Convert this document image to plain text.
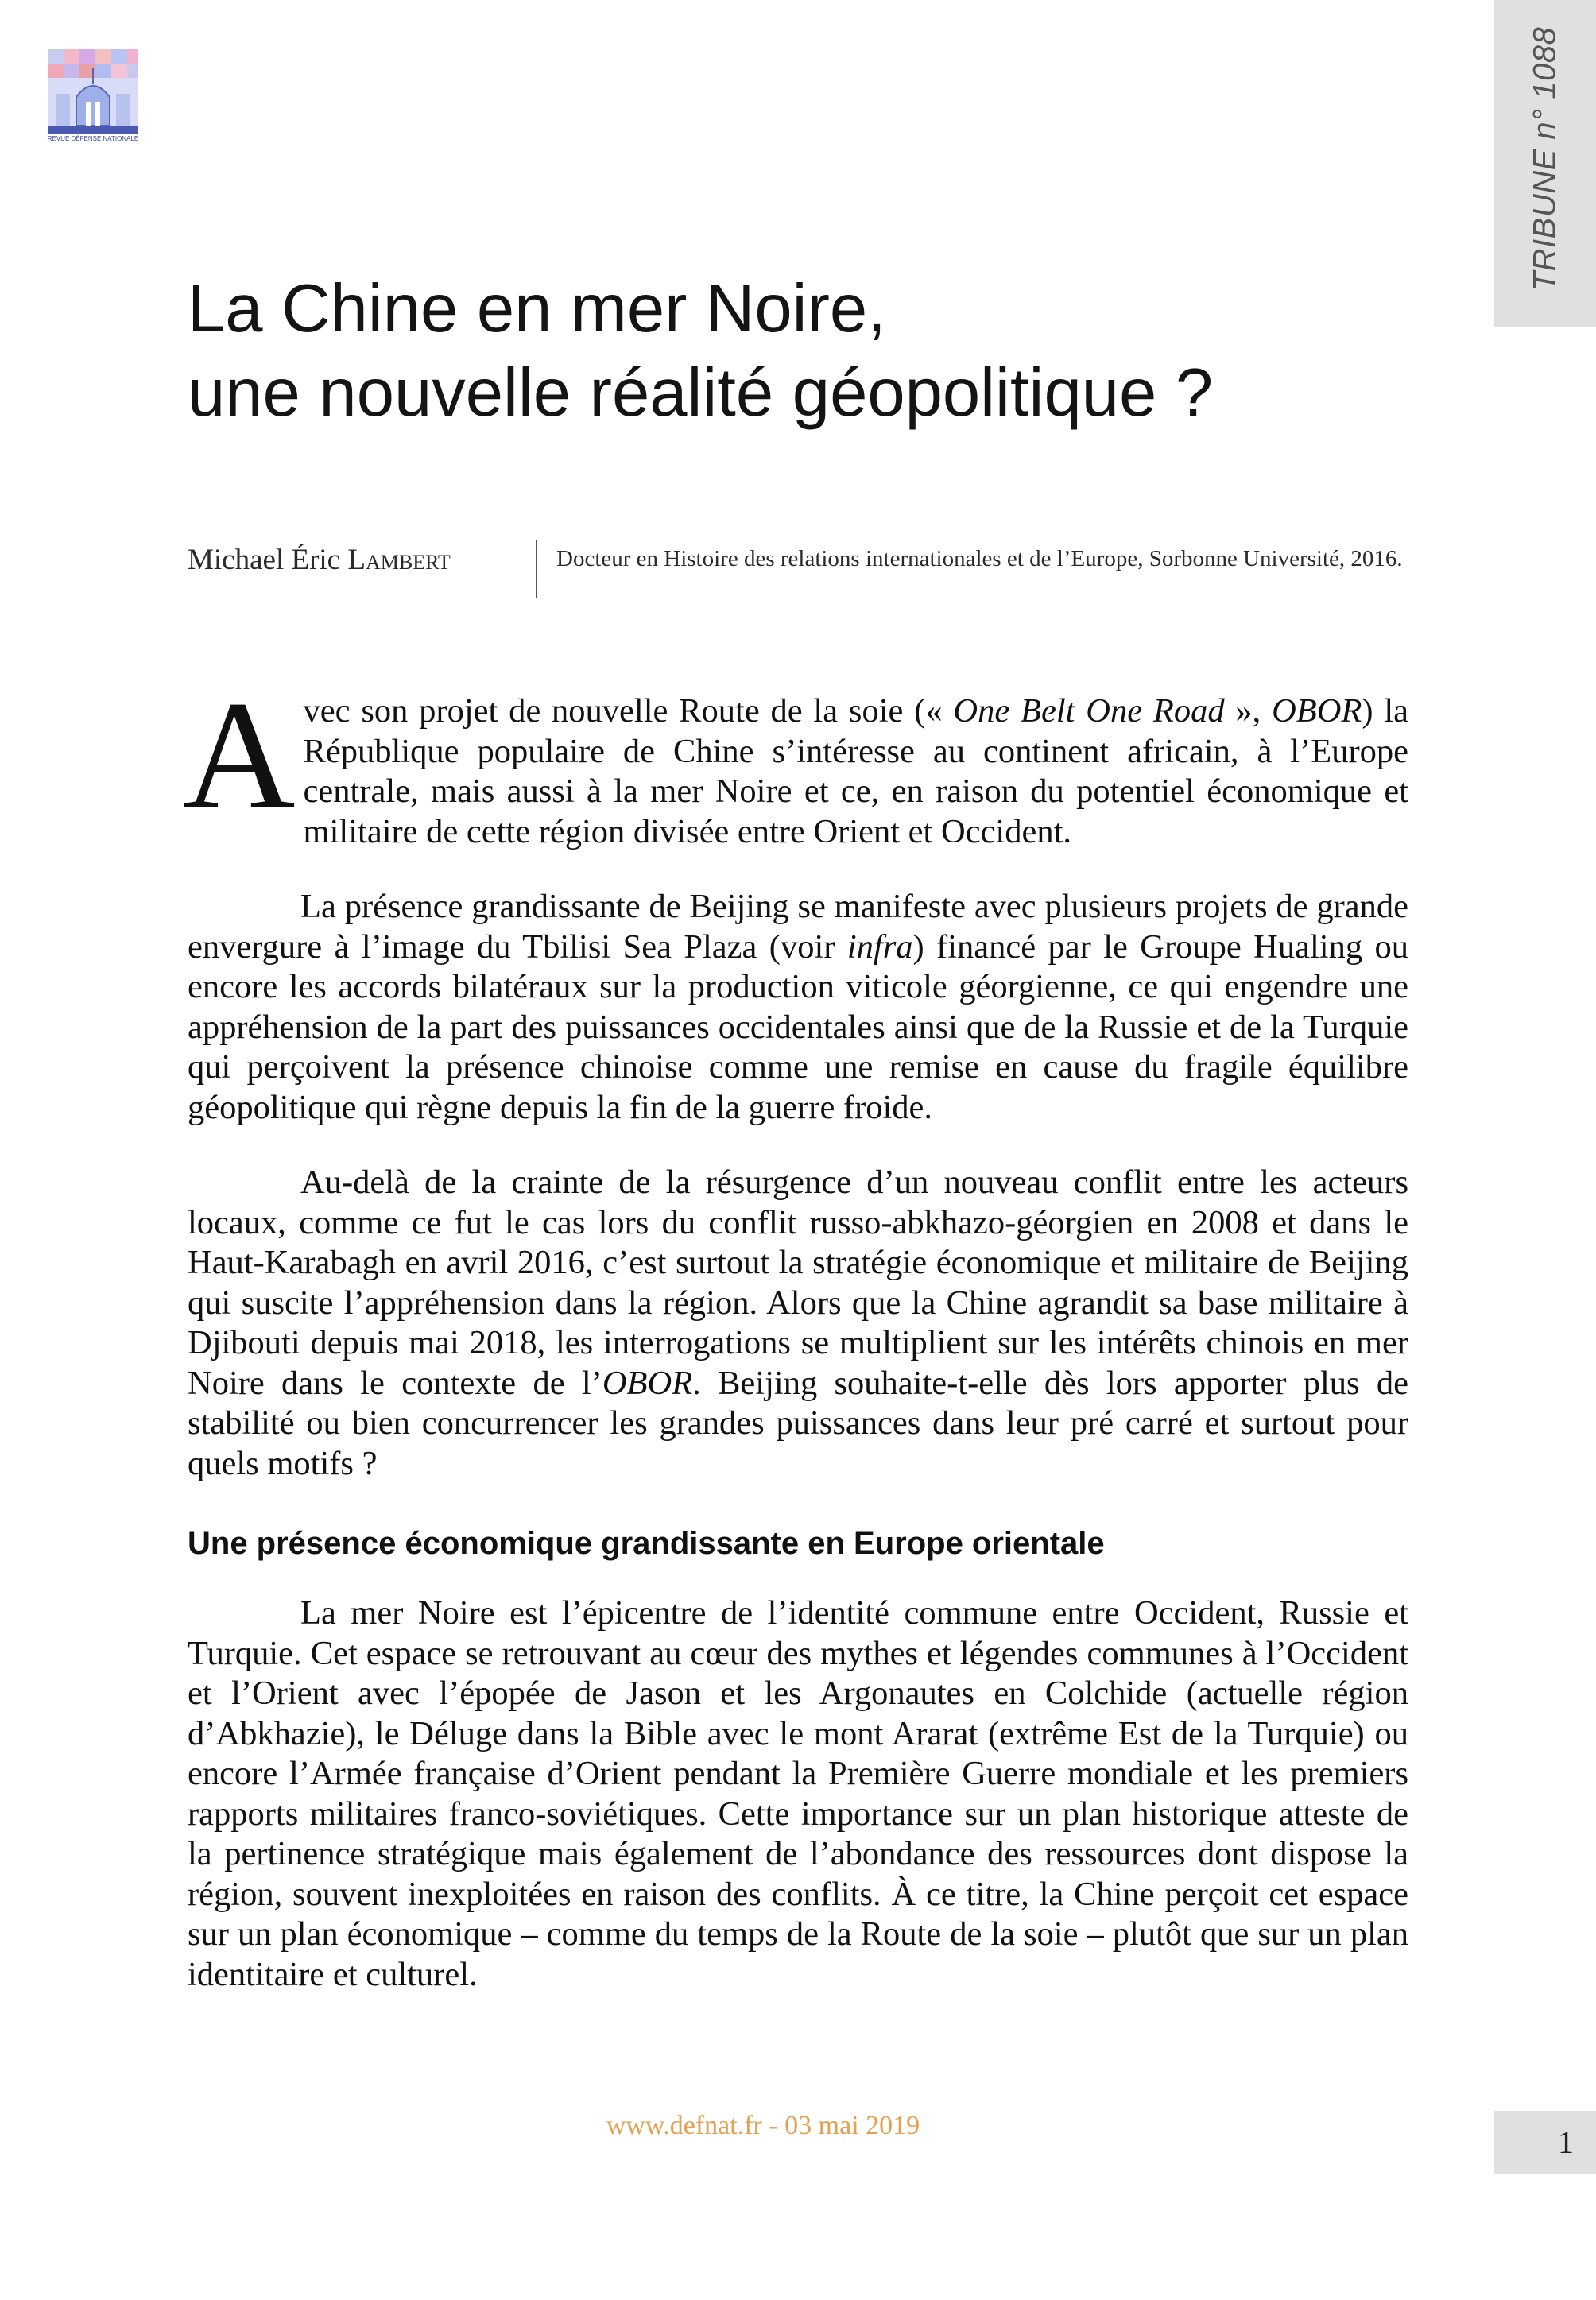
REVUE DÉFENSE NATIONALE	TRIBUNE n° 1088
La Chine en mer Noire,
une nouvelle réalité géopolitique ?
Michael Éric Lambert	Docteur en Histoire des relations internationales et de l’Europe, Sorbonne Université, 2016.

Avec son projet de nouvelle Route de la soie (« One Belt One Road », OBOR) la République populaire de Chine s’intéresse au continent africain, à l’Europe centrale, mais aussi à la mer Noire et ce, en raison du potentiel économique et militaire de cette région divisée entre Orient et Occident.

La présence grandissante de Beijing se manifeste avec plusieurs projets de grande envergure à l’image du Tbilisi Sea Plaza (voir infra) financé par le Groupe Hualing ou encore les accords bilatéraux sur la production viticole géorgienne, ce qui engendre une appréhension de la part des puissances occidentales ainsi que de la Russie et de la Turquie qui perçoivent la présence chinoise comme une remise en cause du fragile équilibre géopolitique qui règne depuis la fin de la guerre froide.

Au-delà de la crainte de la résurgence d’un nouveau conflit entre les acteurs locaux, comme ce fut le cas lors du conflit russo-abkhazo-géorgien en 2008 et dans le Haut-Karabagh en avril 2016, c’est surtout la stratégie économique et militaire de Beijing qui suscite l’appréhension dans la région. Alors que la Chine agrandit sa base militaire à Djibouti depuis mai 2018, les interrogations se multiplient sur les intérêts chinois en mer Noire dans le contexte de l’OBOR. Beijing souhaite-t-elle dès lors apporter plus de stabilité ou bien concurrencer les grandes puissances dans leur pré carré et surtout pour quels motifs ?

Une présence économique grandissante en Europe orientale

La mer Noire est l’épicentre de l’identité commune entre Occident, Russie et Turquie. Cet espace se retrouvant au cœur des mythes et légendes communes à l’Occident et l’Orient avec l’épopée de Jason et les Argonautes en Colchide (actuelle région d’Abkhazie), le Déluge dans la Bible avec le mont Ararat (extrême Est de la Turquie) ou encore l’Armée française d’Orient pendant la Première Guerre mondiale et les premiers rapports militaires franco-soviétiques. Cette importance sur un plan historique atteste de la pertinence stratégique mais également de l’abondance des ressources dont dispose la région, souvent inexploitées en raison des conflits. À ce titre, la Chine perçoit cet espace sur un plan économique – comme du temps de la Route de la soie – plutôt que sur un plan identitaire et culturel.

www.defnat.fr - 03 mai 2019	1
